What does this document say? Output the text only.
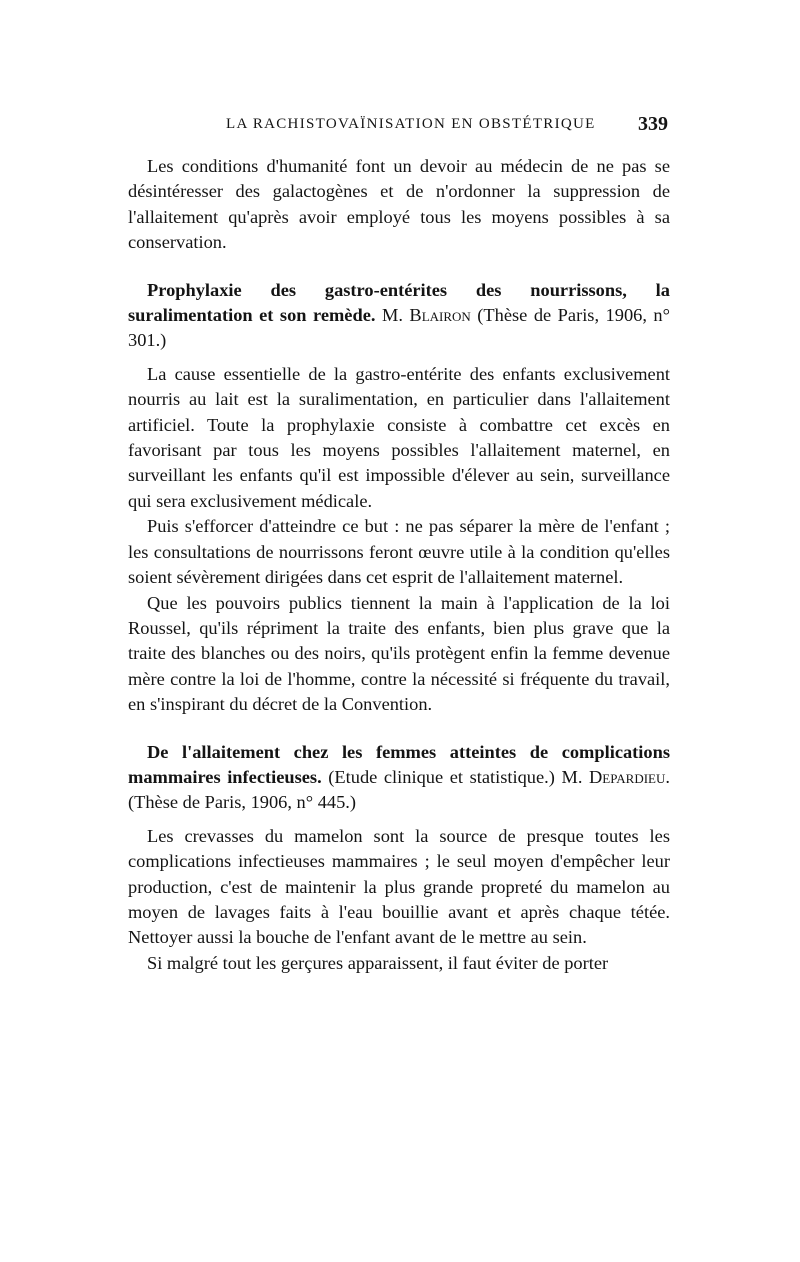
LA RACHISTOVAÏNISATION EN OBSTÉTRIQUE 339

Les conditions d'humanité font un devoir au médecin de ne pas se désintéresser des galactogènes et de n'ordonner la suppression de l'allaitement qu'après avoir employé tous les moyens possibles à sa conservation.

Prophylaxie des gastro-entérites des nourrissons, la suralimentation et son remède. M. Blairon (Thèse de Paris, 1906, n° 301.)

La cause essentielle de la gastro-entérite des enfants exclusivement nourris au lait est la suralimentation, en particulier dans l'allaitement artificiel. Toute la prophylaxie consiste à combattre cet excès en favorisant par tous les moyens possibles l'allaitement maternel, en surveillant les enfants qu'il est impossible d'élever au sein, surveillance qui sera exclusivement médicale.

Puis s'efforcer d'atteindre ce but : ne pas séparer la mère de l'enfant ; les consultations de nourrissons feront œuvre utile à la condition qu'elles soient sévèrement dirigées dans cet esprit de l'allaitement maternel.

Que les pouvoirs publics tiennent la main à l'application de la loi Roussel, qu'ils répriment la traite des enfants, bien plus grave que la traite des blanches ou des noirs, qu'ils protègent enfin la femme devenue mère contre la loi de l'homme, contre la nécessité si fréquente du travail, en s'inspirant du décret de la Convention.

De l'allaitement chez les femmes atteintes de complications mammaires infectieuses. (Etude clinique et statistique.) M. Depardieu. (Thèse de Paris, 1906, n° 445.)

Les crevasses du mamelon sont la source de presque toutes les complications infectieuses mammaires ; le seul moyen d'empêcher leur production, c'est de maintenir la plus grande propreté du mamelon au moyen de lavages faits à l'eau bouillie avant et après chaque tétée. Nettoyer aussi la bouche de l'enfant avant de le mettre au sein.

Si malgré tout les gerçures apparaissent, il faut éviter de porter
